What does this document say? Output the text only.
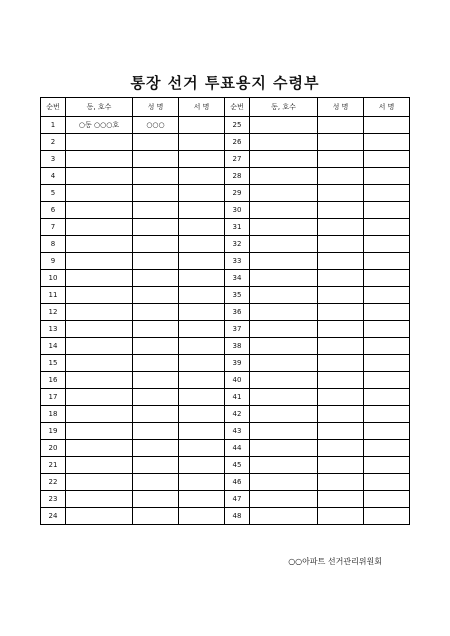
통장 선거 투표용지 수령부
순번	동, 호수	성 명	서 명	순번	동, 호수	성 명	서 명
1	○동 ○○○호	○○○		25			
2				26			
3				27			
4				28			
5				29			
6				30			
7				31			
8				32			
9				33			
10				34			
11				35			
12				36			
13				37			
14				38			
15				39			
16				40			
17				41			
18				42			
19				43			
20				44			
21				45			
22				46			
23				47			
24				48			
○○아파트 선거관리위원회
